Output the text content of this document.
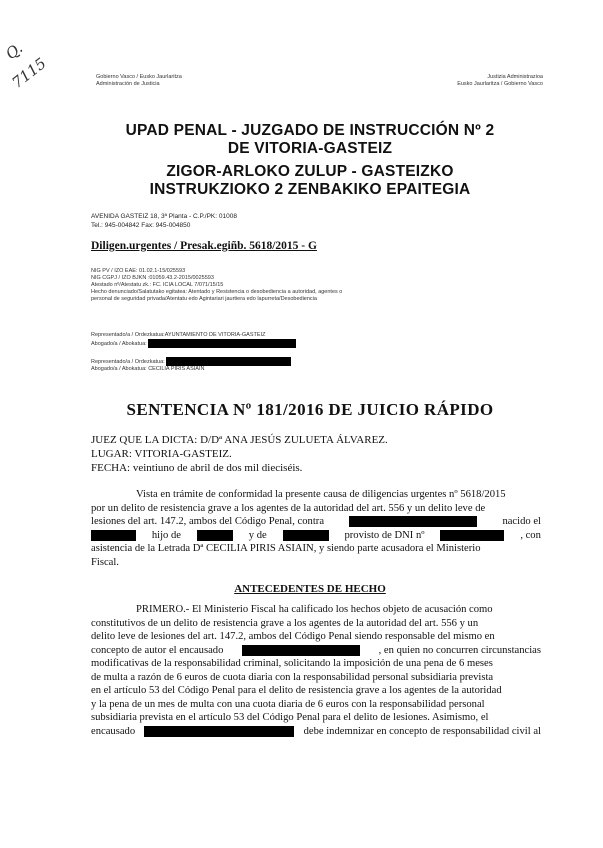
Q.
7115	Gobierno Vasco / Eusko Jaurlaritza
Administración de Justicia
Justizia Administrazioa
Eusko Jaurlaritza / Gobierno Vasco
UPAD PENAL - JUZGADO DE INSTRUCCIÓN Nº 2
DE VITORIA-GASTEIZ
ZIGOR-ARLOKO ZULUP - GASTEIZKO
INSTRUKZIOKO 2 ZENBAKIKO EPAITEGIA
AVENIDA GASTEIZ 18, 3ª Planta - C.P./PK: 01008
Tel.: 945-004842 Fax: 945-004850
Diligen.urgentes / Presak.egiñb. 5618/2015 - G
NIG PV / IZO EAE: 01.02.1-15/025593
NIG CGPJ / IZO BJKN :01059.43.2-2015/0025593
Atestado nº/Atestatu zk.: FC. ICIA LOCAL 7/071/15/15
Hecho denunciado/Salatutako egitatea: Atentado y Resistencia o desobediencia a autoridad, agentes o
personal de seguridad privada/Atentatu edo Agintariari jaurtiera edo lapurreta/Desobediencia
Representado/a / Ordezkatua:AYUNTAMIENTO DE VITORIA-GASTEIZ
Abogado/a / Abokatua:
Representado/a / Ordezkatua:
Abogado/a / Abokatua: CECILIA PIRIS ASIAIN
SENTENCIA Nº 181/2016 DE JUICIO RÁPIDO
JUEZ QUE LA DICTA: D/Dª ANA JESÚS ZULUETA ÁLVAREZ.
LUGAR: VITORIA-GASTEIZ.
FECHA: veintiuno de abril de dos mil dieciséis.
Vista en trámite de conformidad la presente causa de diligencias urgentes nº 5618/2015
por un delito de resistencia grave a los agentes de la autoridad del art. 556 y un delito leve de
lesiones del art. 147.2, ambos del Código Penal, contra	nacido el
hijo de	y de	provisto de DNI nº	, con
asistencia de la Letrada Dª CECILIA PIRIS ASIAIN, y siendo parte acusadora el Ministerio
Fiscal.
ANTECEDENTES DE HECHO
PRIMERO.- El Ministerio Fiscal ha calificado los hechos objeto de acusación como
constitutivos de un delito de resistencia grave a los agentes de la autoridad del art. 556 y un
delito leve de lesiones del art. 147.2, ambos del Código Penal siendo responsable del mismo en
concepto de autor el encausado	, en quien no concurren circunstancias
modificativas de la responsabilidad criminal, solicitando la imposición de una pena de 6 meses
de multa a razón de 6 euros de cuota diaria con la responsabilidad personal subsidiaria prevista
en el artículo 53 del Código Penal para el delito de resistencia grave a los agentes de la autoridad
y la pena de un mes de multa con una cuota diaria de 6 euros con la responsabilidad personal
subsidiaria prevista en el artículo 53 del Código Penal para el delito de lesiones. Asimismo, el
encausado	debe indemnizar en concepto de responsabilidad civil al
